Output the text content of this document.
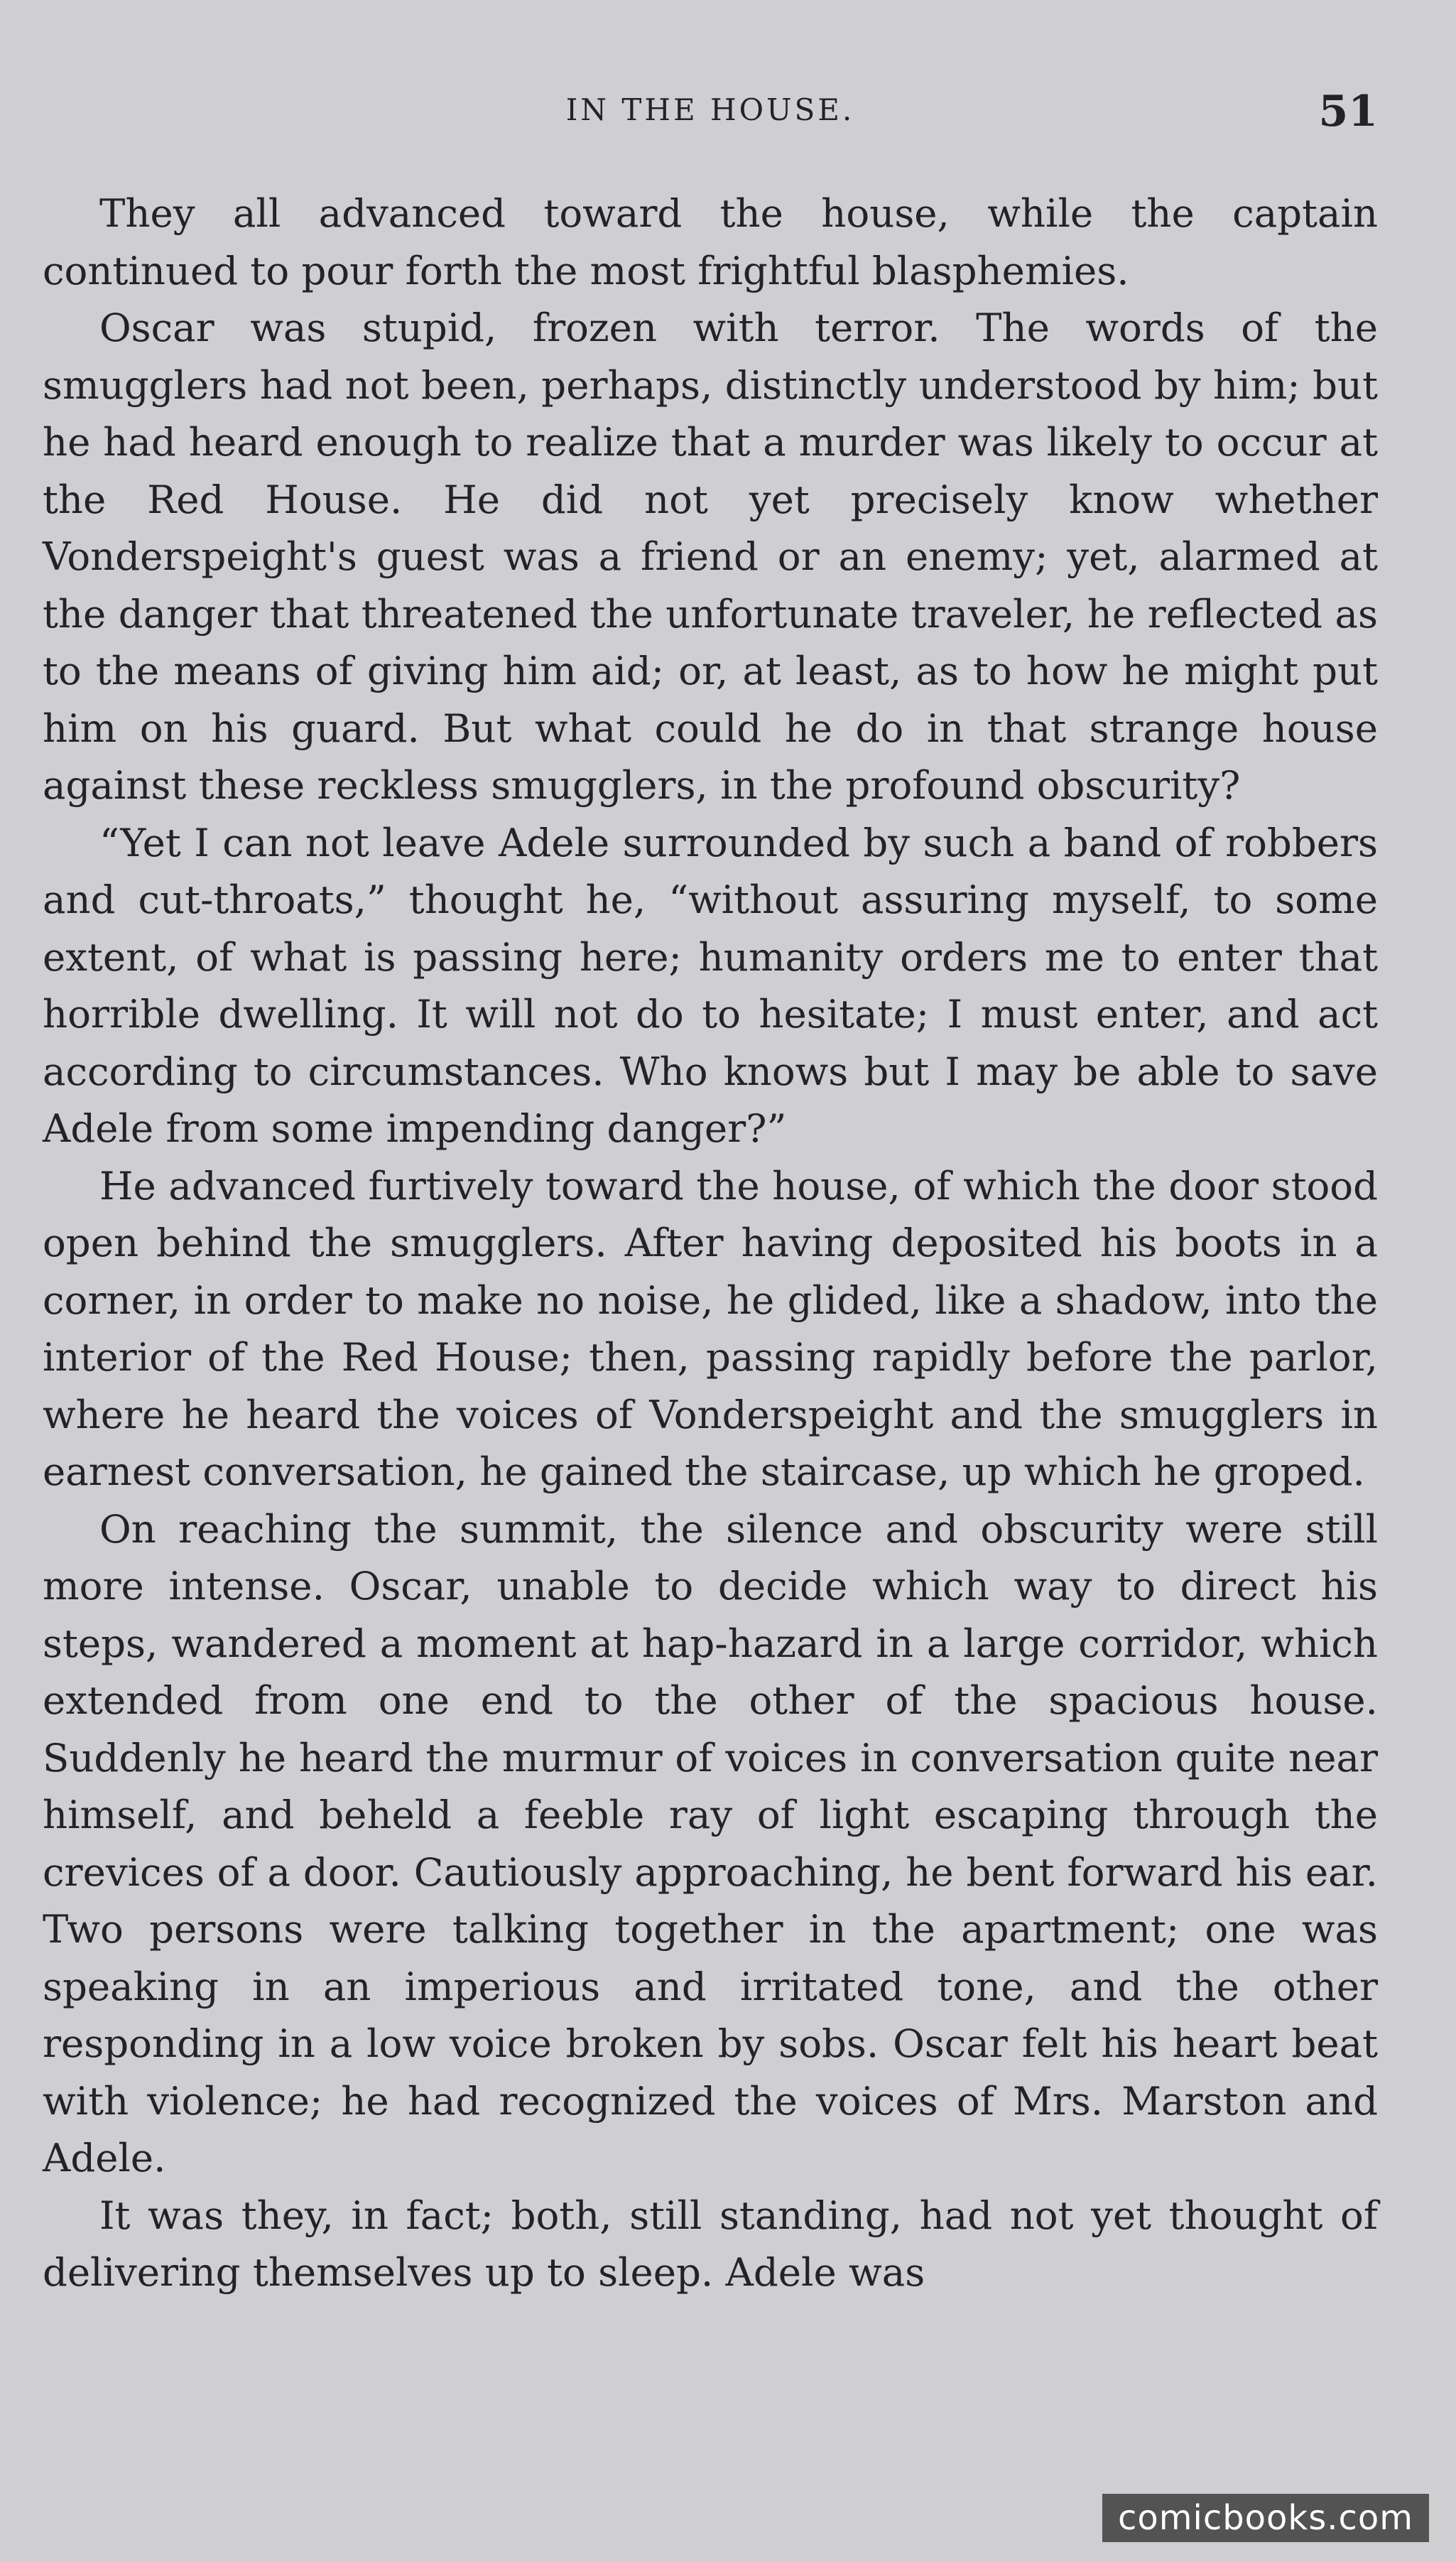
IN THE HOUSE.	51

They all advanced toward the house, while the captain continued to pour forth the most frightful blasphemies.

Oscar was stupid, frozen with terror. The words of the smugglers had not been, perhaps, distinctly understood by him; but he had heard enough to realize that a murder was likely to occur at the Red House. He did not yet precisely know whether Vonderspeight's guest was a friend or an enemy; yet, alarmed at the danger that threatened the unfortunate traveler, he reflected as to the means of giving him aid; or, at least, as to how he might put him on his guard. But what could he do in that strange house against these reckless smugglers, in the profound obscurity?

“Yet I can not leave Adele surrounded by such a band of robbers and cut-throats,” thought he, “without assuring myself, to some extent, of what is passing here; humanity orders me to enter that horrible dwelling. It will not do to hesitate; I must enter, and act according to circumstances. Who knows but I may be able to save Adele from some impending danger?”

He advanced furtively toward the house, of which the door stood open behind the smugglers. After having deposited his boots in a corner, in order to make no noise, he glided, like a shadow, into the interior of the Red House; then, passing rapidly before the parlor, where he heard the voices of Vonderspeight and the smugglers in earnest conversation, he gained the staircase, up which he groped.

On reaching the summit, the silence and obscurity were still more intense. Oscar, unable to decide which way to direct his steps, wandered a moment at hap-hazard in a large corridor, which extended from one end to the other of the spacious house. Suddenly he heard the murmur of voices in conversation quite near himself, and beheld a feeble ray of light escaping through the crevices of a door. Cautiously approaching, he bent forward his ear. Two persons were talking together in the apartment; one was speaking in an imperious and irritated tone, and the other responding in a low voice broken by sobs. Oscar felt his heart beat with violence; he had recognized the voices of Mrs. Marston and Adele.

It was they, in fact; both, still standing, had not yet thought of delivering themselves up to sleep. Adele was

comicbooks.com
